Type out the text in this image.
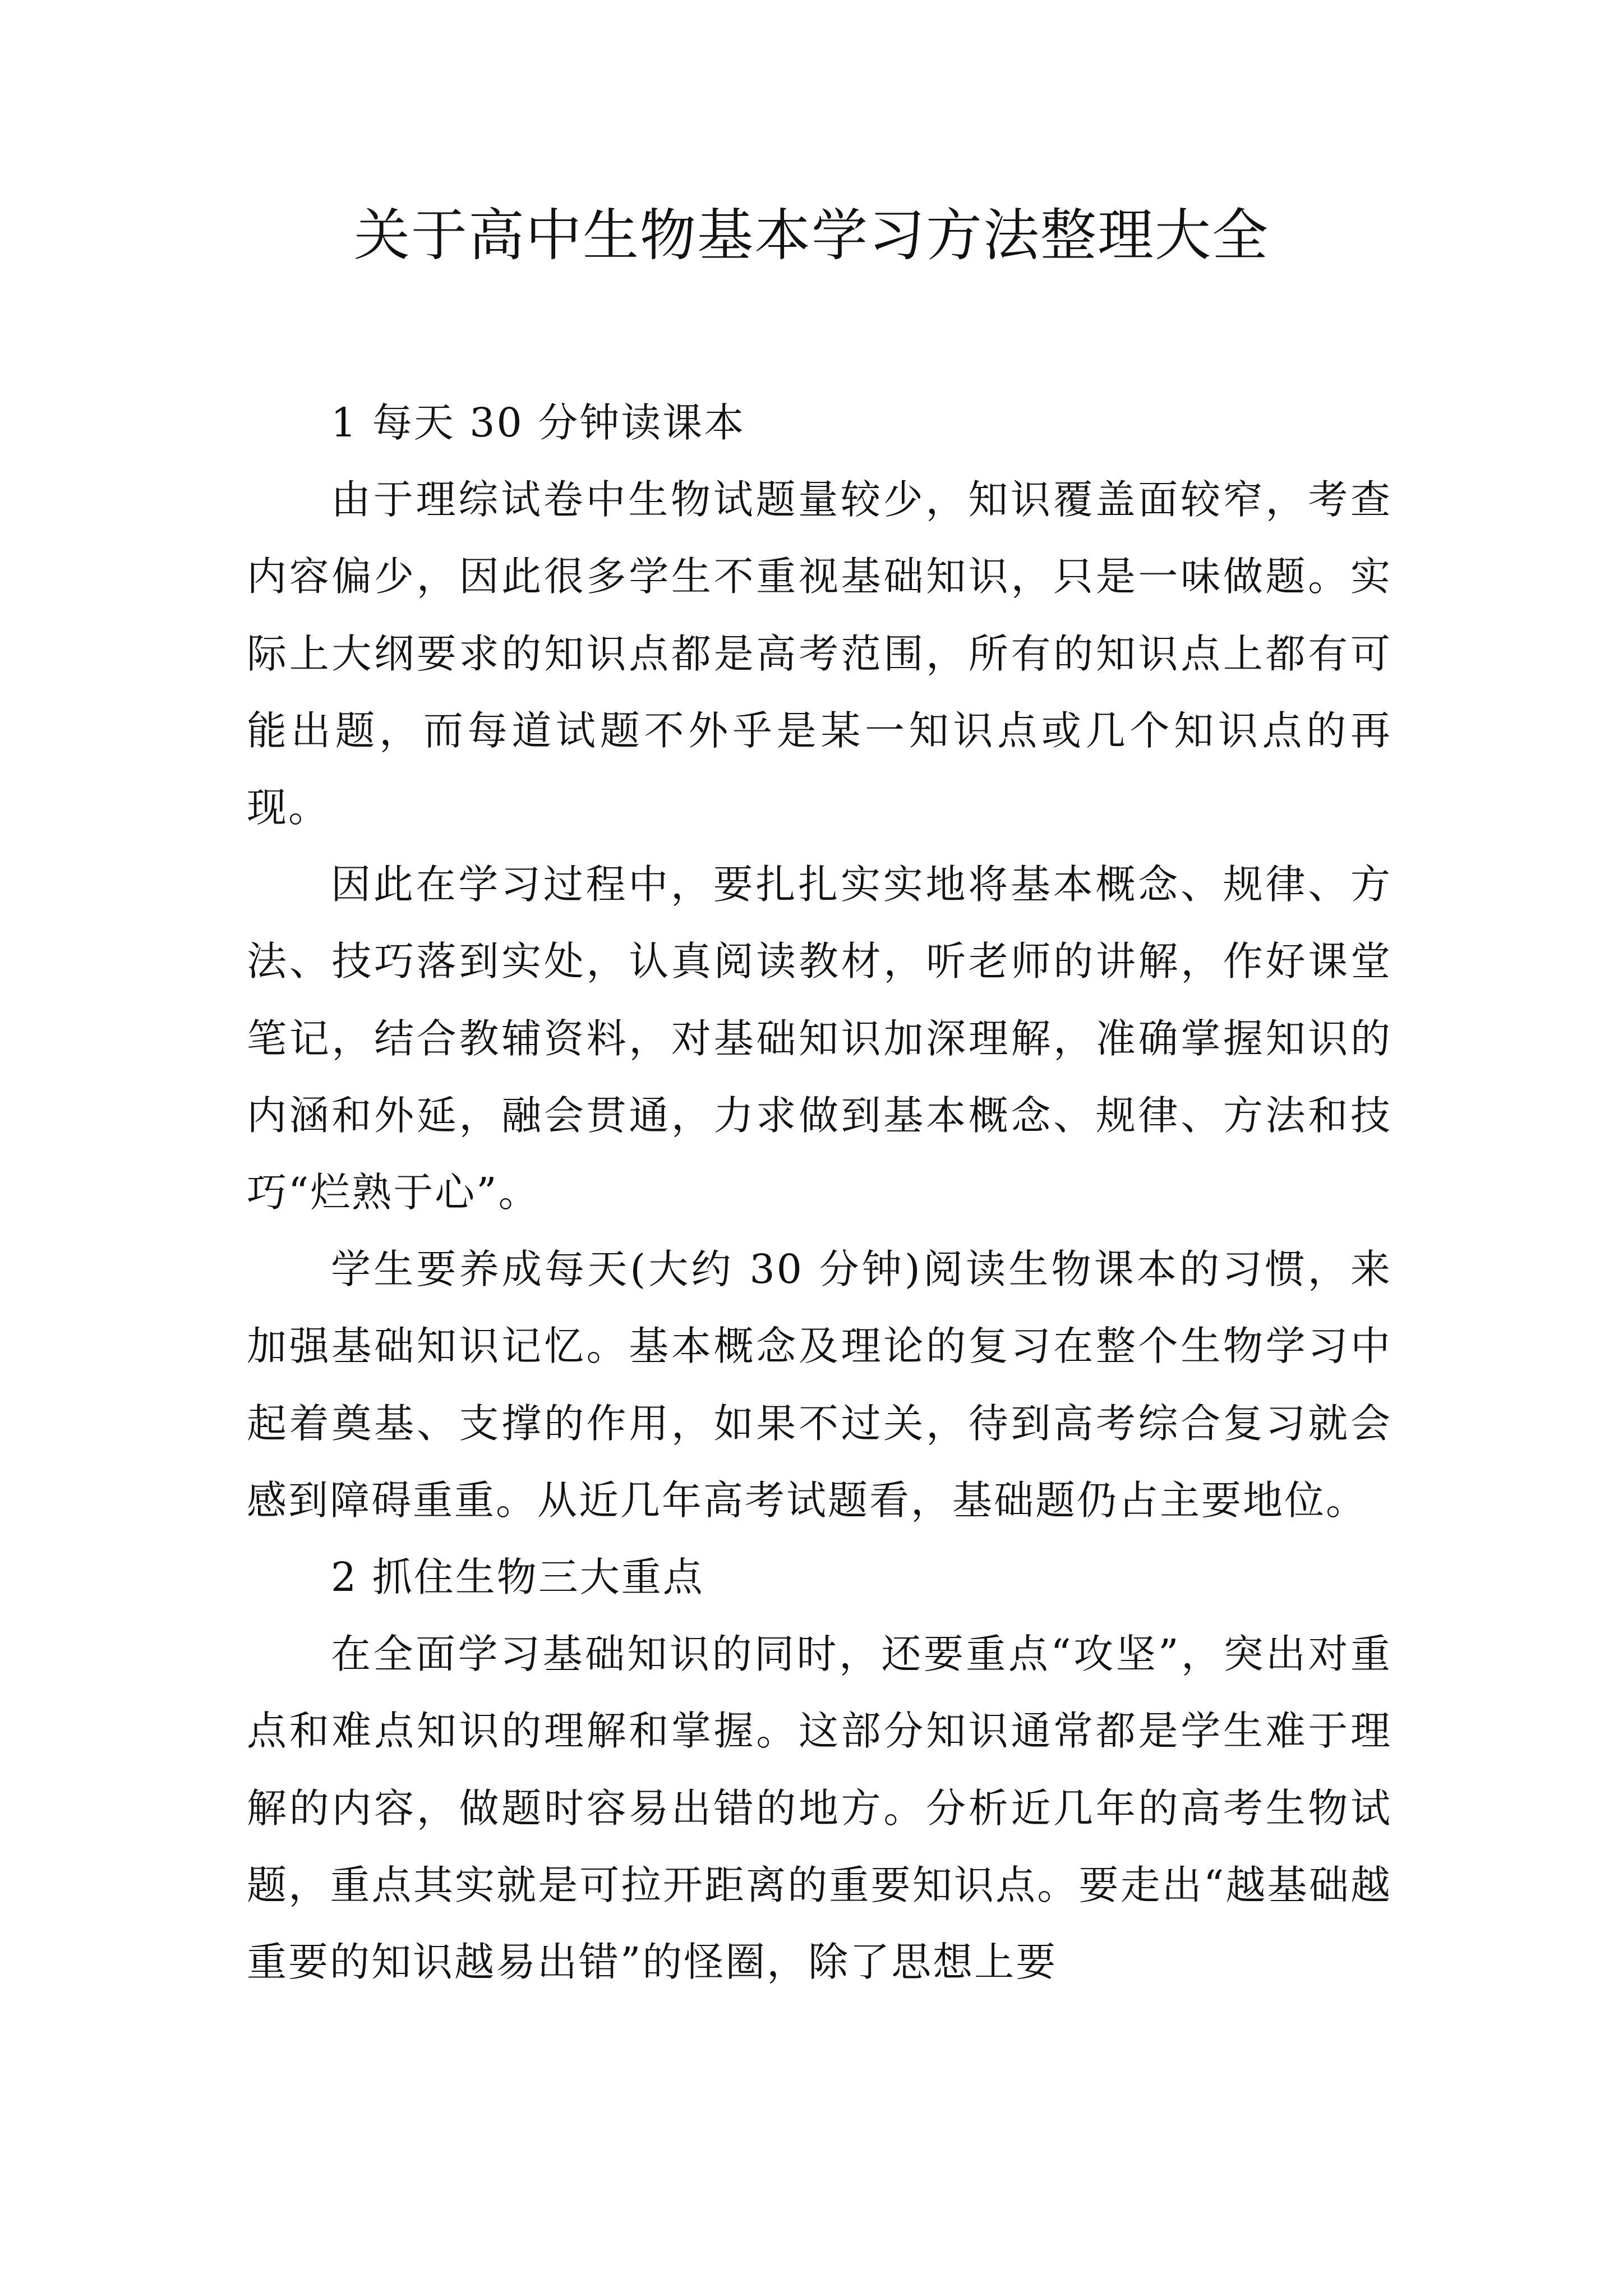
关于高中生物基本学习方法整理大全

1 每天 30 分钟读课本

由于理综试卷中生物试题量较少，知识覆盖面较窄，考查内容偏少，因此很多学生不重视基础知识，只是一味做题。实际上大纲要求的知识点都是高考范围，所有的知识点上都有可能出题，而每道试题不外乎是某一知识点或几个知识点的再现。

因此在学习过程中，要扎扎实实地将基本概念、规律、方法、技巧落到实处，认真阅读教材，听老师的讲解，作好课堂笔记，结合教辅资料，对基础知识加深理解，准确掌握知识的内涵和外延，融会贯通，力求做到基本概念、规律、方法和技巧“烂熟于心”。

学生要养成每天(大约 30 分钟)阅读生物课本的习惯，来加强基础知识记忆。基本概念及理论的复习在整个生物学习中起着奠基、支撑的作用，如果不过关，待到高考综合复习就会感到障碍重重。从近几年高考试题看，基础题仍占主要地位。

2 抓住生物三大重点

在全面学习基础知识的同时，还要重点“攻坚”，突出对重点和难点知识的理解和掌握。这部分知识通常都是学生难于理解的内容，做题时容易出错的地方。分析近几年的高考生物试题，重点其实就是可拉开距离的重要知识点。要走出“越基础越重要的知识越易出错”的怪圈，除了思想上要
